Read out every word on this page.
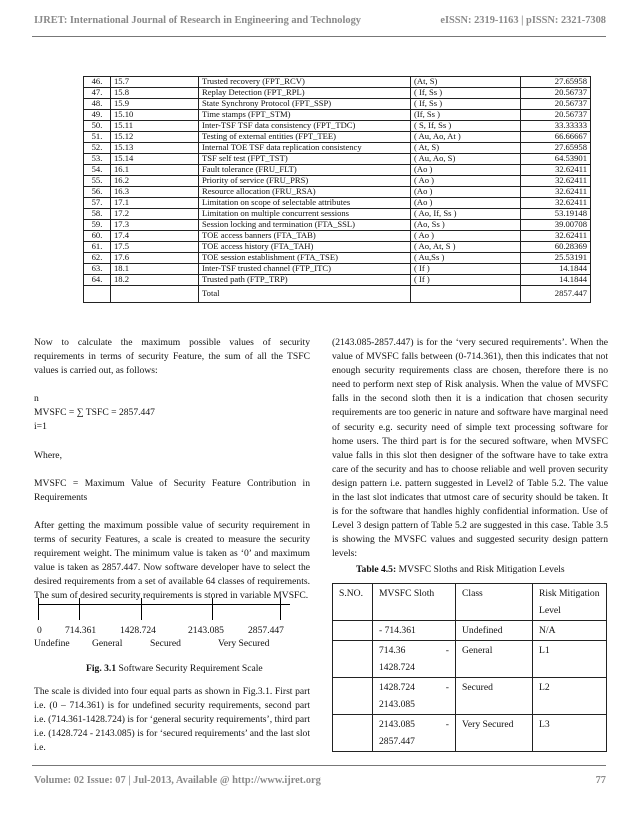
IJRET: International Journal of Research in Engineering and Technology	eISSN: 2319-1163 | pISSN: 2321-7308
46.	15.7	Trusted recovery (FPT_RCV)	(At, S)	27.65958
47.	15.8	Replay Detection (FPT_RPL)	( If, Ss )	20.56737
48.	15.9	State Synchrony Protocol (FPT_SSP)	( If, Ss )	20.56737
49.	15.10	Time stamps (FPT_STM)	(If, Ss )	20.56737
50.	15.11	Inter-TSF TSF data consistency (FPT_TDC)	( S, If, Ss )	33.33333
51.	15.12	Testing of external entities (FPT_TEE)	( Au, Ao, At )	66.66667
52.	15.13	Internal TOE TSF data replication consistency	( At, S)	27.65958
53.	15.14	TSF self test (FPT_TST)	( Au, Ao, S)	64.53901
54.	16.1	Fault tolerance (FRU_FLT)	(Ao )	32.62411
55.	16.2	Priority of service (FRU_PRS)	( Ao )	32.62411
56.	16.3	Resource allocation (FRU_RSA)	(Ao )	32.62411
57.	17.1	Limitation on scope of selectable attributes	(Ao )	32.62411
58.	17.2	Limitation on multiple concurrent sessions	( Ao, If, Ss )	53.19148
59.	17.3	Session locking and termination (FTA_SSL)	(Ao, Ss )	39.00708
60.	17.4	TOE access banners (FTA_TAB)	( Ao )	32.62411
61.	17.5	TOE access history (FTA_TAH)	( Ao, At, S )	60.28369
62.	17.6	TOE session establishment (FTA_TSE)	( Au,Ss )	25.53191
63.	18.1	Inter-TSF trusted channel (FTP_ITC)	( If )	14.1844
64.	18.2	Trusted path (FTP_TRP)	( If )	14.1844
		Total		2857.447

Now to calculate the maximum possible values of security requirements in terms of security Feature, the sum of all the TSFC values is carried out, as follows:

n

MVSFC = ∑ TSFC = 2857.447

i=1

Where,

MVSFC = Maximum Value of Security Feature Contribution in Requirements

After getting the maximum possible value of security requirement in terms of security Features, a scale is created to measure the security requirement weight. The minimum value is taken as ‘0’ and maximum value is taken as 2857.447. Now software developer have to select the desired requirements from a set of available 64 classes of requirements. The sum of desired security requirements is stored in variable MVSFC.

0 714.361 1428.724	2143.085	2857.447
Undefine General	Secured	Very Secured
Fig. 3.1 Software Security Requirement Scale

The scale is divided into four equal parts as shown in Fig.3.1. First part i.e. (0 – 714.361) is for undefined security requirements, second part i.e. (714.361-1428.724) is for ‘general security requirements’, third part i.e. (1428.724 - 2143.085) is for ‘secured requirements’ and the last slot i.e.

(2143.085-2857.447) is for the ‘very secured requirements’. When the value of MVSFC falls between (0-714.361), then this indicates that not enough security requirements class are chosen, therefore there is no need to perform next step of Risk analysis. When the value of MVSFC falls in the second sloth then it is a indication that chosen security requirements are too generic in nature and software have marginal need of security e.g. security need of simple text processing software for home users. The third part is for the secured software, when MVSFC value falls in this slot then designer of the software have to take extra care of the security and has to choose reliable and well proven security design pattern i.e. pattern suggested in Level2 of Table 5.2. The value in the last slot indicates that utmost care of security should be taken. It is for the software that handles highly confidential information. Use of Level 3 design pattern of Table 5.2 are suggested in this case. Table 3.5 is showing the MVSFC values and suggested security design pattern levels:

Table 4.5: MVSFC Sloths and Risk Mitigation Levels
S.NO.	MVSFC Sloth	Class	Risk Mitigation Level
	- 714.361	Undefined	N/A

	714.36 -
1428.724	General	L1

	1428.724 -
2143.085	Secured	L2

	2143.085 -
2857.447	Very Secured	L3
Volume: 02 Issue: 07 | Jul-2013, Available @ http://www.ijret.org	77
